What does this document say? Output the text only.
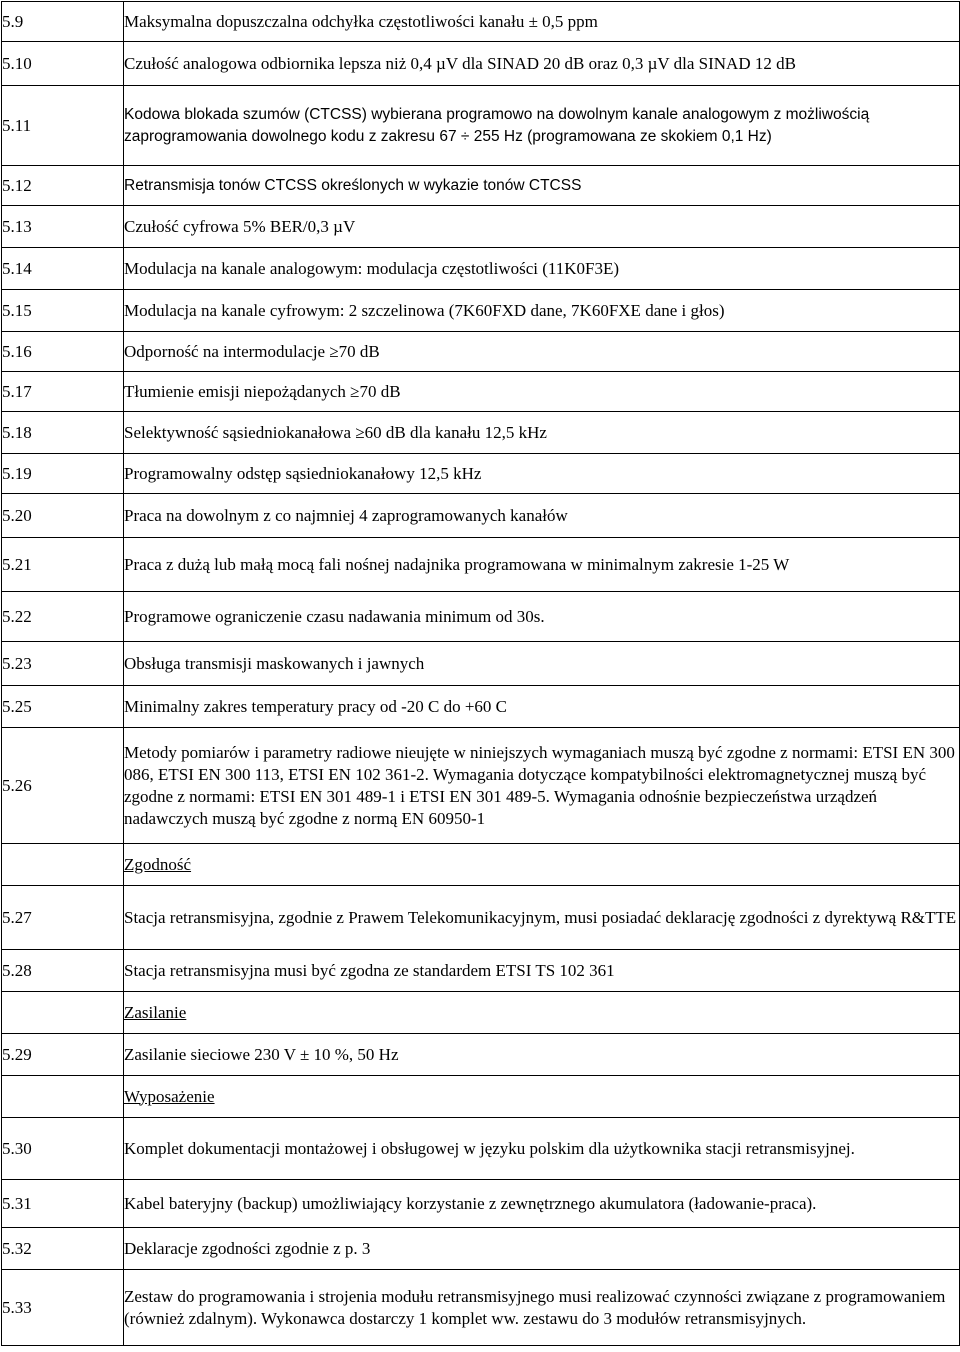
5.9	Maksymalna dopuszczalna odchyłka częstotliwości kanału ± 0,5 ppm
5.10	Czułość analogowa odbiornika lepsza niż 0,4 µV dla SINAD 20 dB oraz 0,3 µV dla SINAD 12 dB
5.11	Kodowa blokada szumów (CTCSS) wybierana programowo na dowolnym kanale analogowym z możliwością zaprogramowania dowolnego kodu z zakresu 67 ÷ 255 Hz (programowana ze skokiem 0,1 Hz)
5.12	Retransmisja tonów CTCSS określonych w wykazie tonów CTCSS
5.13	Czułość cyfrowa 5% BER/0,3 µV
5.14	Modulacja na kanale analogowym: modulacja częstotliwości (11K0F3E)
5.15	Modulacja na kanale cyfrowym: 2 szczelinowa (7K60FXD dane, 7K60FXE dane i głos)
5.16	Odporność na intermodulacje ≥70 dB
5.17	Tłumienie emisji niepożądanych ≥70 dB
5.18	Selektywność sąsiedniokanałowa ≥60 dB dla kanału 12,5 kHz
5.19	Programowalny odstęp sąsiedniokanałowy 12,5 kHz
5.20	Praca na dowolnym z co najmniej 4 zaprogramowanych kanałów
5.21	Praca z dużą lub małą mocą fali nośnej nadajnika programowana w minimalnym zakresie 1-25 W
5.22	Programowe ograniczenie czasu nadawania minimum od 30s.
5.23	Obsługa transmisji maskowanych i jawnych
5.25	Minimalny zakres temperatury pracy od -20 C do +60 C
5.26	Metody pomiarów i parametry radiowe nieujęte w niniejszych wymaganiach muszą być zgodne z normami: ETSI EN 300 086, ETSI EN 300 113, ETSI EN 102 361-2. Wymagania dotyczące kompatybilności elektromagnetycznej muszą być zgodne z normami: ETSI EN 301 489-1 i ETSI EN 301 489-5. Wymagania odnośnie bezpieczeństwa urządzeń nadawczych muszą być zgodne z normą EN 60950-1
	Zgodność
5.27	Stacja retransmisyjna, zgodnie z Prawem Telekomunikacyjnym, musi posiadać deklarację zgodności z dyrektywą R&TTE
5.28	Stacja retransmisyjna musi być zgodna ze standardem ETSI TS 102 361
	Zasilanie
5.29	Zasilanie sieciowe 230 V ± 10 %, 50 Hz
	Wyposażenie
5.30	Komplet dokumentacji montażowej i obsługowej w języku polskim dla użytkownika stacji retransmisyjnej.
5.31	Kabel bateryjny (backup) umożliwiający korzystanie z zewnętrznego akumulatora (ładowanie-praca).
5.32	Deklaracje zgodności zgodnie z p. 3
5.33	Zestaw do programowania i strojenia modułu retransmisyjnego musi realizować czynności związane z programowaniem (również zdalnym). Wykonawca dostarczy 1 komplet ww. zestawu do 3 modułów retransmisyjnych.
